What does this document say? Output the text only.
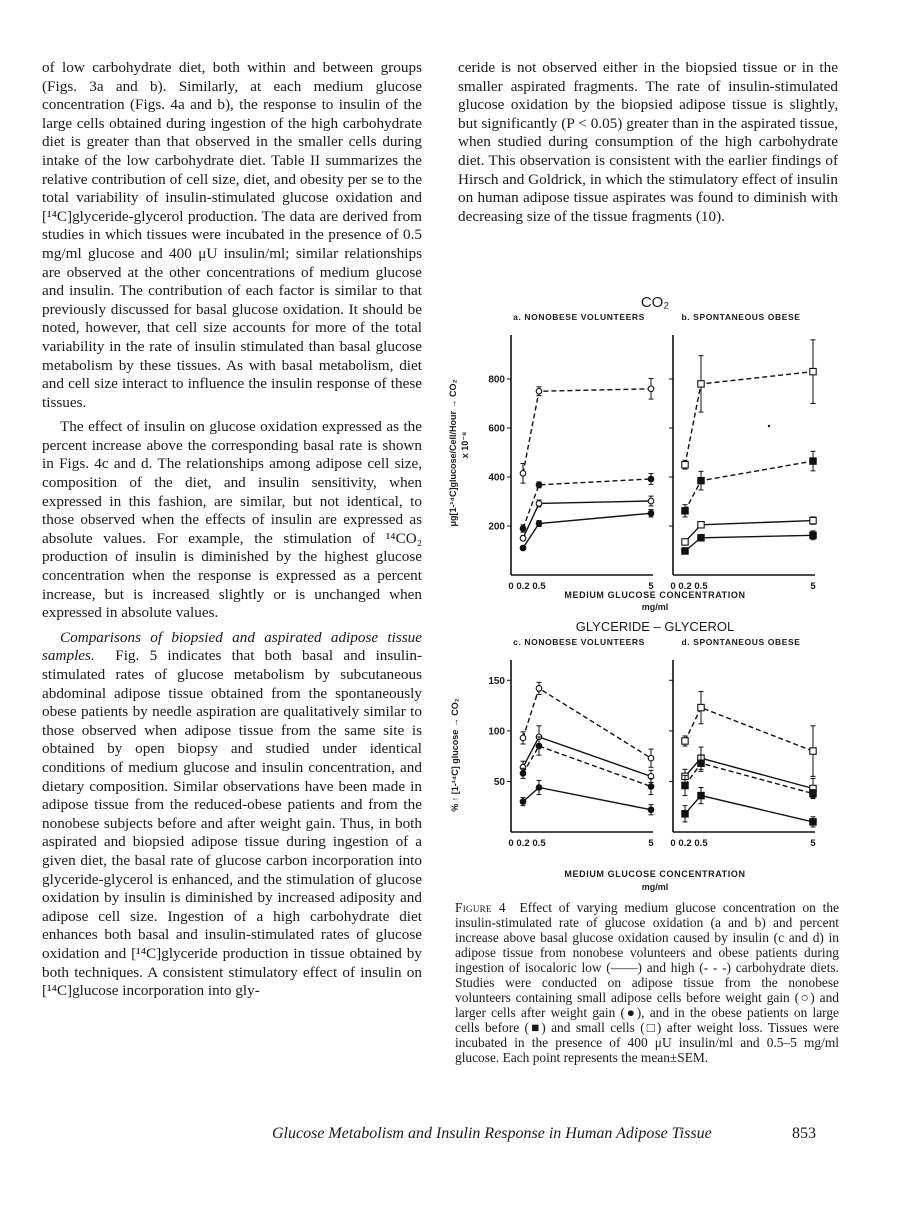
of low carbohydrate diet, both within and between groups (Figs. 3a and b). Similarly, at each medium glucose concentration (Figs. 4a and b), the response to insulin of the large cells obtained during ingestion of the high carbohydrate diet is greater than that observed in the smaller cells during intake of the low carbohydrate diet. Table II summarizes the relative contribution of cell size, diet, and obesity per se to the total variability of insulin-stimulated glucose oxidation and [¹⁴C]glyceride-glycerol production. The data are derived from studies in which tissues were incubated in the presence of 0.5 mg/ml glucose and 400 μU insulin/ml; similar relationships are observed at the other concentrations of medium glucose and insulin. The contribution of each factor is similar to that previously discussed for basal glucose oxidation. It should be noted, however, that cell size accounts for more of the total variability in the rate of insulin stimulated than basal glucose metabolism by these tissues. As with basal metabolism, diet and cell size interact to influence the insulin response of these tissues.

The effect of insulin on glucose oxidation expressed as the percent increase above the corresponding basal rate is shown in Figs. 4c and d. The relationships among adipose cell size, composition of the diet, and insulin sensitivity, when expressed in this fashion, are similar, but not identical, to those observed when the effects of insulin are expressed as absolute values. For example, the stimulation of ¹⁴CO₂ production of insulin is diminished by the highest glucose concentration when the response is expressed as a percent increase, but is increased slightly or is unchanged when expressed in absolute values.

Comparisons of biopsied and aspirated adipose tissue samples. Fig. 5 indicates that both basal and insulin-stimulated rates of glucose metabolism by subcutaneous abdominal adipose tissue obtained from the spontaneously obese patients by needle aspiration are qualitatively similar to those observed when adipose tissue from the same site is obtained by open biopsy and studied under identical conditions of medium glucose and insulin concentration, and dietary composition. Similar observations have been made in adipose tissue from the reduced-obese patients and from the nonobese subjects before and after weight gain. Thus, in both aspirated and biopsied adipose tissue during ingestion of a given diet, the basal rate of glucose carbon incorporation into glyceride-glycerol is enhanced, and the stimulation of glucose oxidation by insulin is diminished by increased adiposity and adipose cell size. Ingestion of a high carbohydrate diet enhances both basal and insulin-stimulated rates of glucose oxidation and [¹⁴C]glyceride production in tissue obtained by both techniques. A consistent stimulatory effect of insulin on [¹⁴C]glucose incorporation into gly-

ceride is not observed either in the biopsied tissue or in the smaller aspirated fragments. The rate of insulin-stimulated glucose oxidation by the biopsied adipose tissue is slightly, but significantly (P < 0.05) greater than in the aspirated tissue, when studied during consumption of the high carbohydrate diet. This observation is consistent with the earlier findings of Hirsch and Goldrick, in which the stimulatory effect of insulin on human adipose tissue aspirates was found to diminish with decreasing size of the tissue fragments (10).

CO₂
GLYCERIDE – GLYCEROL
a. NONOBESE VOLUNTEERS
200
400
600
800
0 0.2 0.5	5
b. SPONTANEOUS OBESE
0 0.2 0.5	5
c. NONOBESE VOLUNTEERS
50
100
150
0 0.2 0.5	5
d. SPONTANEOUS OBESE
0 0.2 0.5	5
MEDIUM GLUCOSE CONCENTRATION
mg/ml
MEDIUM GLUCOSE CONCENTRATION
mg/ml
μg[1-¹⁴C]glucose/Cell/Hour → CO₂ x 10⁻⁸
% ↑ [1-¹⁴C] glucose → CO₂
Figure 4 Effect of varying medium glucose concentration on the insulin-stimulated rate of glucose oxidation (a and b) and percent increase above basal glucose oxidation caused by insulin (c and d) in adipose tissue from nonobese volunteers and obese patients during ingestion of isocaloric low (——) and high (- - -) carbohydrate diets. Studies were conducted on adipose tissue from the nonobese volunteers containing small adipose cells before weight gain (○) and larger cells after weight gain (●), and in the obese patients on large cells before (■) and small cells (□) after weight loss. Tissues were incubated in the presence of 400 μU insulin/ml and 0.5–5 mg/ml glucose. Each point represents the mean±SEM.
Glucose Metabolism and Insulin Response in Human Adipose Tissue	853
